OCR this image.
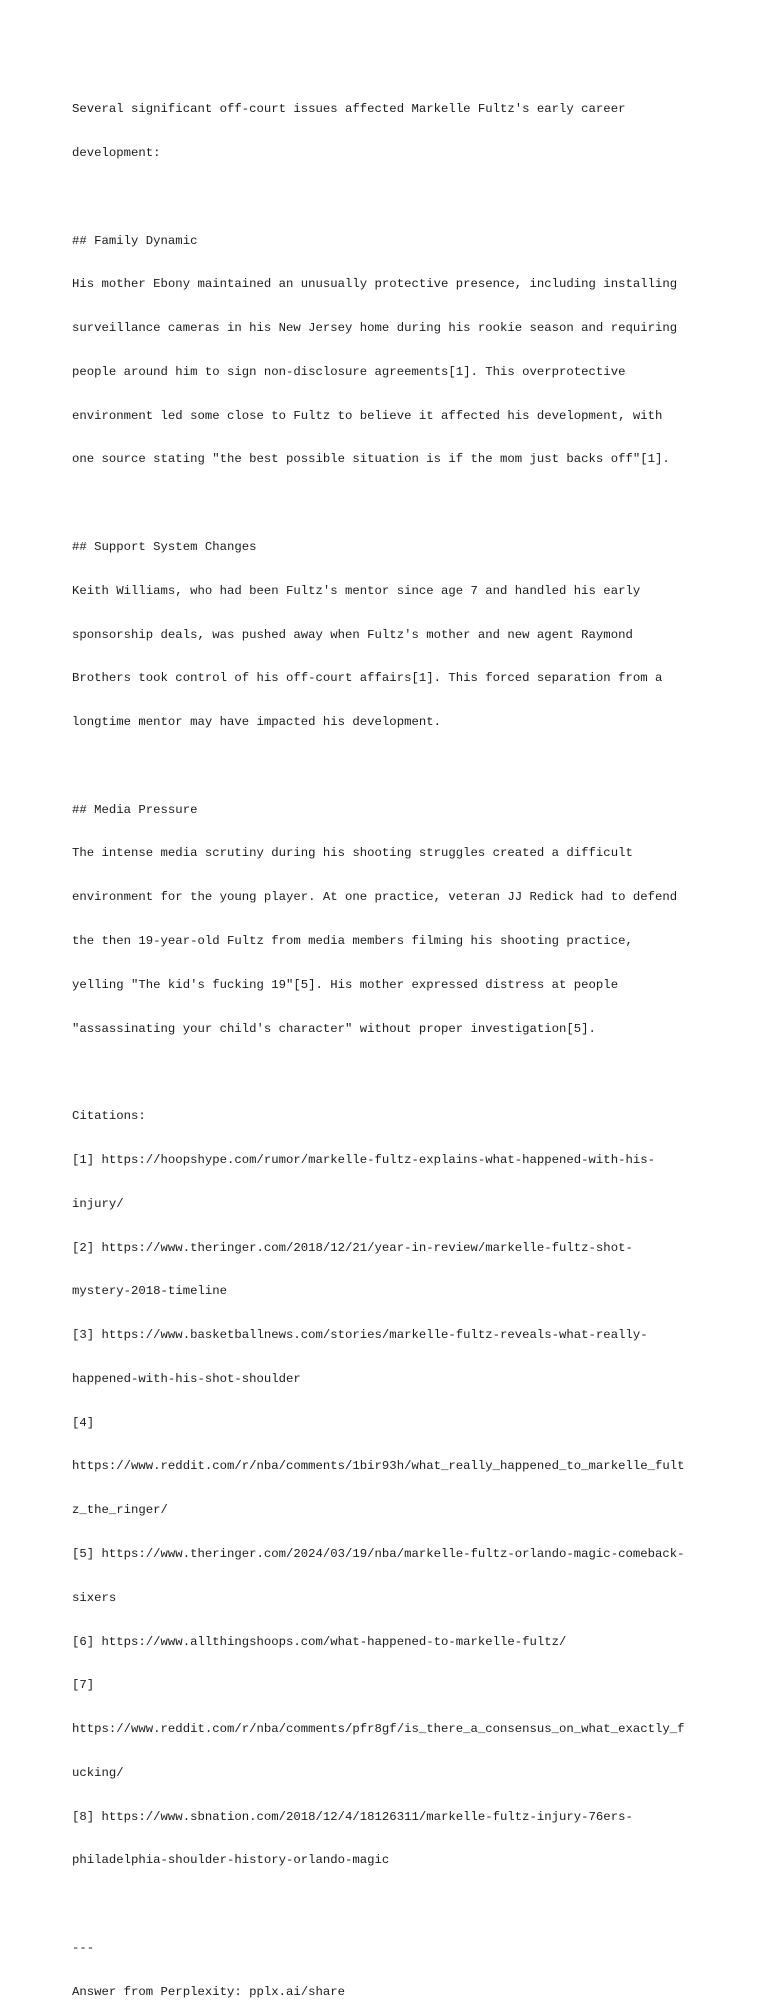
Several significant off-court issues affected Markelle Fultz's early career

development:

## Family Dynamic

His mother Ebony maintained an unusually protective presence, including installing

surveillance cameras in his New Jersey home during his rookie season and requiring

people around him to sign non-disclosure agreements[1]. This overprotective

environment led some close to Fultz to believe it affected his development, with

one source stating "the best possible situation is if the mom just backs off"[1].

## Support System Changes

Keith Williams, who had been Fultz's mentor since age 7 and handled his early

sponsorship deals, was pushed away when Fultz's mother and new agent Raymond

Brothers took control of his off-court affairs[1]. This forced separation from a

longtime mentor may have impacted his development.

## Media Pressure

The intense media scrutiny during his shooting struggles created a difficult

environment for the young player. At one practice, veteran JJ Redick had to defend

the then 19-year-old Fultz from media members filming his shooting practice,

yelling "The kid's fucking 19"[5]. His mother expressed distress at people

"assassinating your child's character" without proper investigation[5].

Citations:

[1] https://hoopshype.com/rumor/markelle-fultz-explains-what-happened-with-his-

injury/

[2] https://www.theringer.com/2018/12/21/year-in-review/markelle-fultz-shot-

mystery-2018-timeline

[3] https://www.basketballnews.com/stories/markelle-fultz-reveals-what-really-

happened-with-his-shot-shoulder

[4]

https://www.reddit.com/r/nba/comments/1bir93h/what_really_happened_to_markelle_fult

z_the_ringer/

[5] https://www.theringer.com/2024/03/19/nba/markelle-fultz-orlando-magic-comeback-

sixers

[6] https://www.allthingshoops.com/what-happened-to-markelle-fultz/

[7]

https://www.reddit.com/r/nba/comments/pfr8gf/is_there_a_consensus_on_what_exactly_f

ucking/

[8] https://www.sbnation.com/2018/12/4/18126311/markelle-fultz-injury-76ers-

philadelphia-shoulder-history-orlando-magic

---

Answer from Perplexity: pplx.ai/share
